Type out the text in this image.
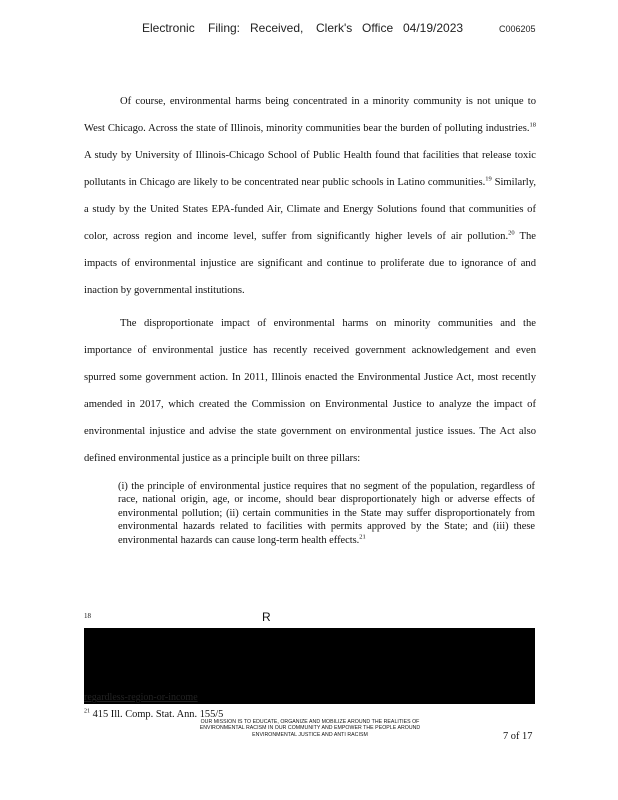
Electronic Filing: Received, Clerk's Office 04/19/2023	C006205

Of course, environmental harms being concentrated in a minority community is not unique to West Chicago. Across the state of Illinois, minority communities bear the burden of polluting industries.$^{18}$ A study by University of Illinois-Chicago School of Public Health found that facilities that release toxic pollutants in Chicago are likely to be concentrated near public schools in Latino communities.$^{19}$ Similarly, a study by the United States EPA-funded Air, Climate and Energy Solutions found that communities of color, across region and income level, suffer from significantly higher levels of air pollution.$^{20}$ The impacts of environmental injustice are significant and continue to proliferate due to ignorance of and inaction by governmental institutions.

The disproportionate impact of environmental harms on minority communities and the importance of environmental justice has recently received government acknowledgement and even spurred some government action. In 2011, Illinois enacted the Environmental Justice Act, most recently amended in 2017, which created the Commission on Environmental Justice to analyze the impact of environmental injustice and advise the state government on environmental justice issues. The Act also defined environmental justice as a principle built on three pillars:

(i) the principle of environmental justice requires that no segment of the population, regardless of race, national origin, age, or income, should bear disproportionately high or adverse effects of environmental pollution; (ii) certain communities in the State may suffer disproportionately from environmental hazards related to facilities with permits approved by the State; and (iii) these environmental hazards can cause long-term health effects.$^{21}$

18	R
regardless-region-or-income
$^{21}$ 415 Ill. Comp. Stat. Ann. 155/5
OUR MISSION IS TO EDUCATE, ORGANIZE AND MOBILIZE AROUND THE REALITIES OF
ENVIRONMENTAL RACISM IN OUR COMMUNITY AND EMPOWER THE PEOPLE AROUND
ENVIRONMENTAL JUSTICE AND ANTI RACISM	7 of 17
